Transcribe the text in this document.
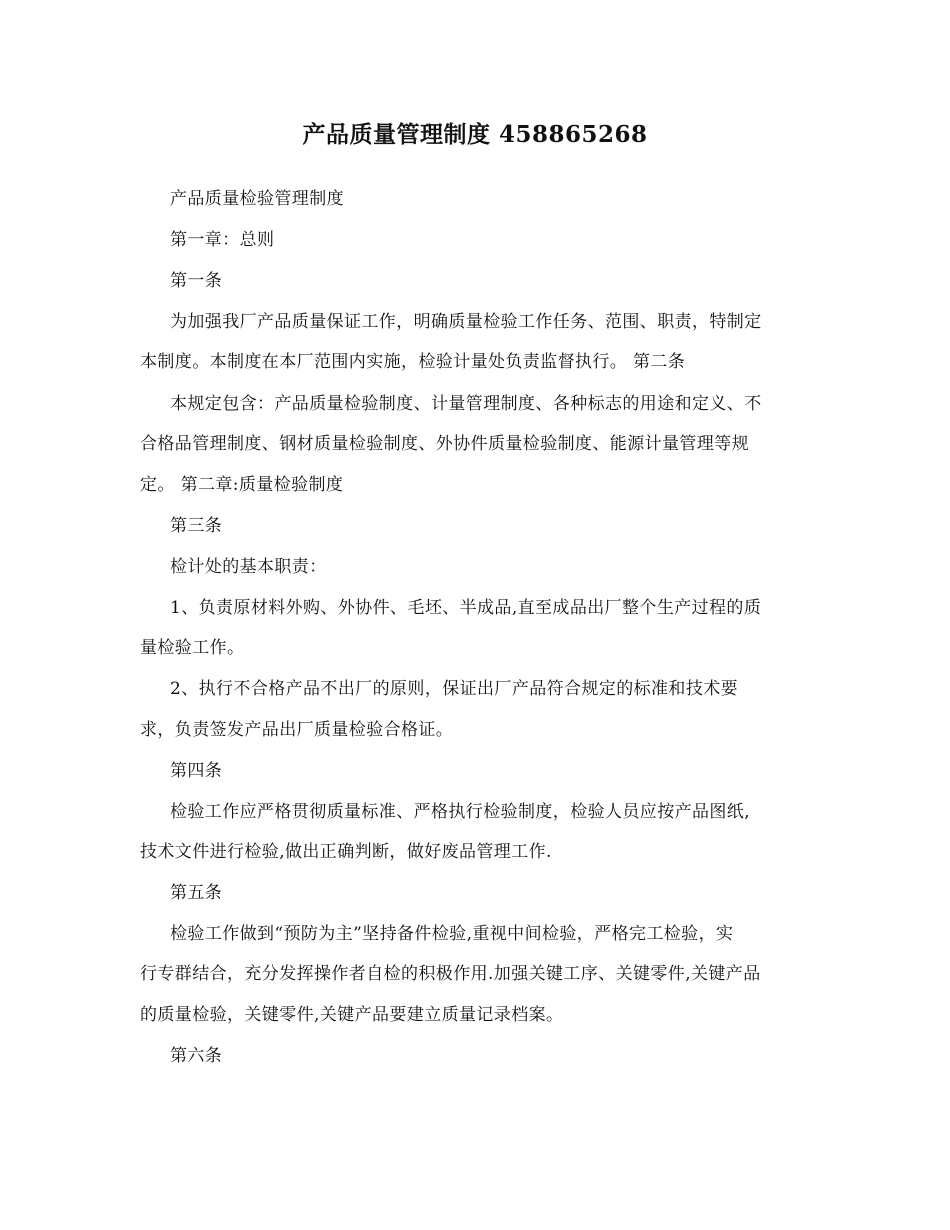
产品质量管理制度 458865268
产品质量检验管理制度
第一章：总则
第一条
为加强我厂产品质量保证工作，明确质量检验工作任务、范围、职责，特制定
本制度。本制度在本厂范围内实施，检验计量处负责监督执行。 第二条
本规定包含：产品质量检验制度、计量管理制度、各种标志的用途和定义、不
合格品管理制度、钢材质量检验制度、外协件质量检验制度、能源计量管理等规
定。 第二章:质量检验制度
第三条
检计处的基本职责：
1、负责原材料外购、外协件、毛坯、半成品,直至成品出厂整个生产过程的质
量检验工作。
2、执行不合格产品不出厂的原则，保证出厂产品符合规定的标准和技术要
求，负责签发产品出厂质量检验合格证。
第四条
检验工作应严格贯彻质量标准、严格执行检验制度，检验人员应按产品图纸,
技术文件进行检验,做出正确判断，做好废品管理工作.
第五条
检验工作做到“预防为主”坚持备件检验,重视中间检验，严格完工检验，实
行专群结合，充分发挥操作者自检的积极作用.加强关键工序、关键零件,关键产品
的质量检验，关键零件,关键产品要建立质量记录档案。
第六条
